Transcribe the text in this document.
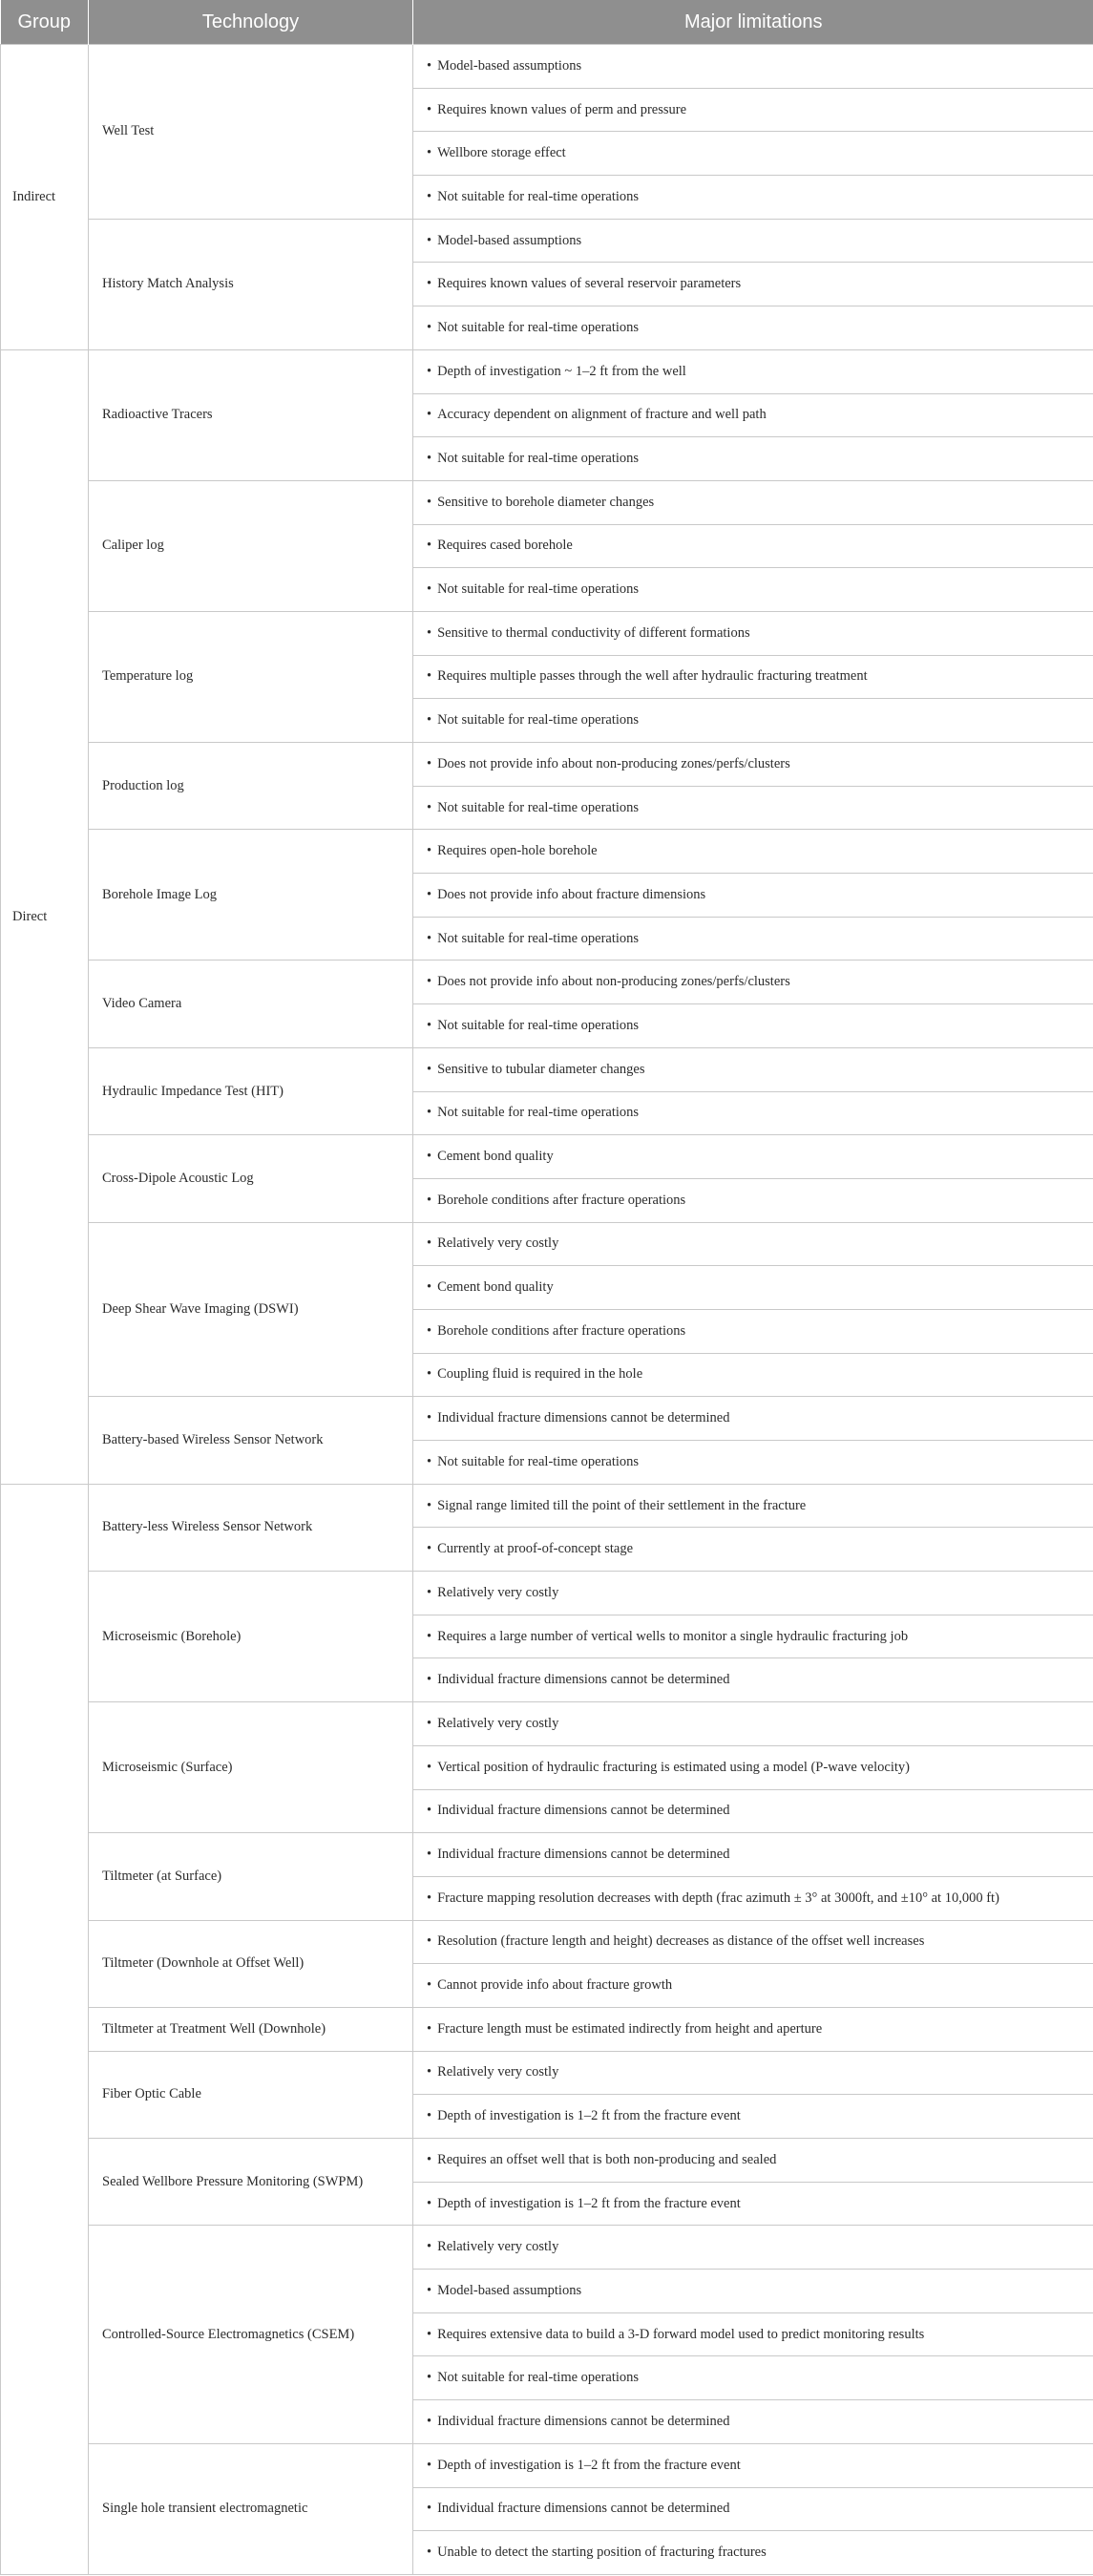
Group	Technology	Major limitations
Indirect	Well Test	• Model-based assumptions
		• Requires known values of perm and pressure
		• Wellbore storage effect
		• Not suitable for real-time operations
	History Match Analysis	• Model-based assumptions
		• Requires known values of several reservoir parameters
		• Not suitable for real-time operations
Direct	Radioactive Tracers	• Depth of investigation ~ 1–2 ft from the well
		• Accuracy dependent on alignment of fracture and well path
		• Not suitable for real-time operations
	Caliper log	• Sensitive to borehole diameter changes
		• Requires cased borehole
		• Not suitable for real-time operations
	Temperature log	• Sensitive to thermal conductivity of different formations
		• Requires multiple passes through the well after hydraulic fracturing treatment
		• Not suitable for real-time operations
	Production log	• Does not provide info about non-producing zones/perfs/clusters
		• Not suitable for real-time operations
	Borehole Image Log	• Requires open-hole borehole
		• Does not provide info about fracture dimensions
		• Not suitable for real-time operations
	Video Camera	• Does not provide info about non-producing zones/perfs/clusters
		• Not suitable for real-time operations
	Hydraulic Impedance Test (HIT)	• Sensitive to tubular diameter changes
		• Not suitable for real-time operations
	Cross-Dipole Acoustic Log	• Cement bond quality
		• Borehole conditions after fracture operations
	Deep Shear Wave Imaging (DSWI)	• Relatively very costly
		• Cement bond quality
		• Borehole conditions after fracture operations
		• Coupling fluid is required in the hole
	Battery-based Wireless Sensor Network	• Individual fracture dimensions cannot be determined
		• Not suitable for real-time operations
	Battery-less Wireless Sensor Network	• Signal range limited till the point of their settlement in the fracture
		• Currently at proof-of-concept stage
	Microseismic (Borehole)	• Relatively very costly
		• Requires a large number of vertical wells to monitor a single hydraulic fracturing job
		• Individual fracture dimensions cannot be determined
	Microseismic (Surface)	• Relatively very costly
		• Vertical position of hydraulic fracturing is estimated using a model (P-wave velocity)
		• Individual fracture dimensions cannot be determined
	Tiltmeter (at Surface)	• Individual fracture dimensions cannot be determined
		• Fracture mapping resolution decreases with depth (frac azimuth ± 3° at 3000ft, and ±10° at 10,000 ft)
	Tiltmeter (Downhole at Offset Well)	• Resolution (fracture length and height) decreases as distance of the offset well increases
		• Cannot provide info about fracture growth
	Tiltmeter at Treatment Well (Downhole)	• Fracture length must be estimated indirectly from height and aperture
	Fiber Optic Cable	• Relatively very costly
		• Depth of investigation is 1–2 ft from the fracture event
	Sealed Wellbore Pressure Monitoring (SWPM)	• Requires an offset well that is both non-producing and sealed
		• Depth of investigation is 1–2 ft from the fracture event
	Controlled-Source Electromagnetics (CSEM)	• Relatively very costly
		• Model-based assumptions
		• Requires extensive data to build a 3-D forward model used to predict monitoring results
		• Not suitable for real-time operations
		• Individual fracture dimensions cannot be determined
	Single hole transient electromagnetic	• Depth of investigation is 1–2 ft from the fracture event
		• Individual fracture dimensions cannot be determined
		• Unable to detect the starting position of fracturing fractures
